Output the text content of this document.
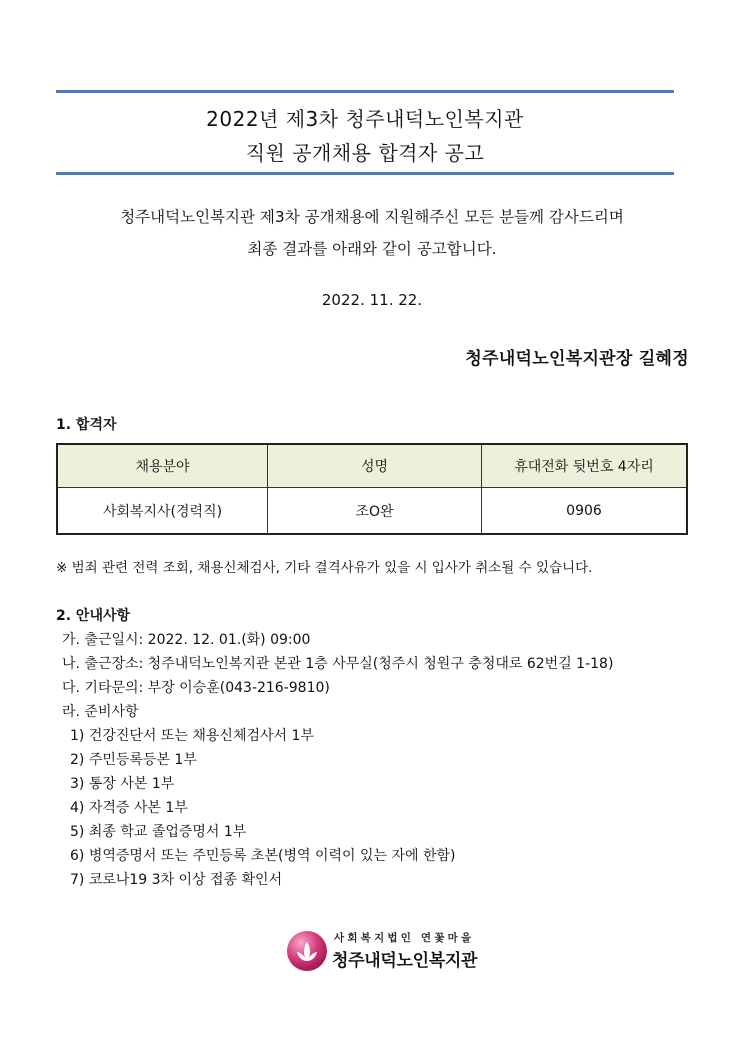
2022년 제3차 청주내덕노인복지관
직원 공개채용 합격자 공고
청주내덕노인복지관 제3차 공개채용에 지원해주신 모든 분들께 감사드리며
최종 결과를 아래와 같이 공고합니다.
2022. 11. 22.
청주내덕노인복지관장 길혜정
1. 합격자
채용분야	성명	휴대전화 뒷번호 4자리
사회복지사(경력직)	조O완	0906
※ 범죄 관련 전력 조회, 채용신체검사, 기타 결격사유가 있을 시 입사가 취소될 수 있습니다.
2. 안내사항
가. 출근일시: 2022. 12. 01.(화) 09:00
나. 출근장소: 청주내덕노인복지관 본관 1층 사무실(청주시 청원구 충청대로 62번길 1-18)
다. 기타문의: 부장 이승훈(043-216-9810)
라. 준비사항
1) 건강진단서 또는 채용신체검사서 1부
2) 주민등록등본 1부
3) 통장 사본 1부
4) 자격증 사본 1부
5) 최종 학교 졸업증명서 1부
6) 병역증명서 또는 주민등록 초본(병역 이력이 있는 자에 한함)
7) 코로나19 3차 이상 접종 확인서
사회복지법인 연꽃마을
청주내덕노인복지관
